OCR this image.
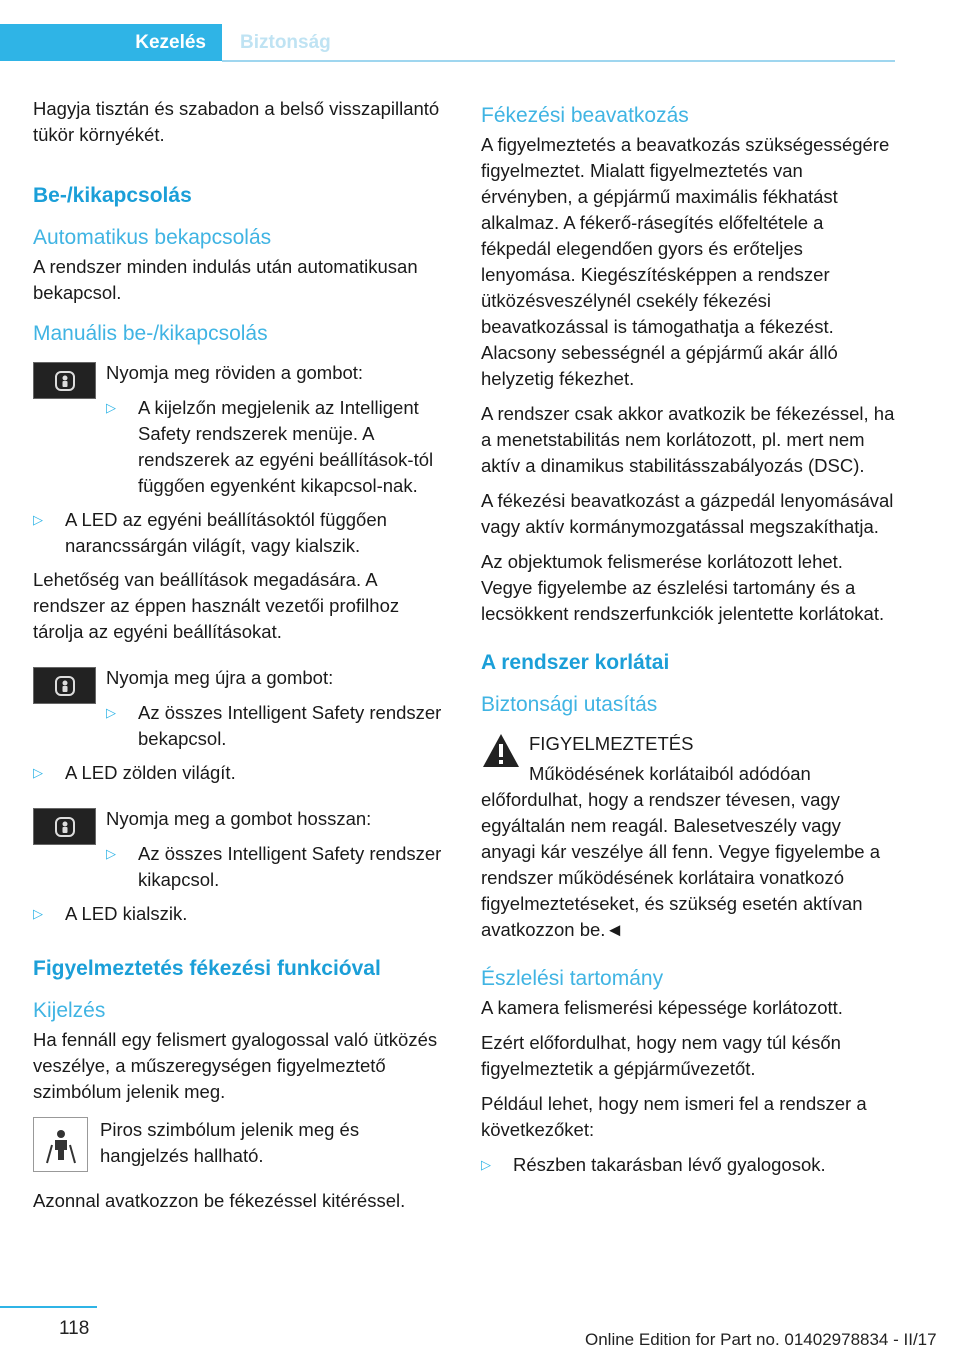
Kezelés	Biztonság

Hagyja tisztán és szabadon a belső visszapillantó tükör környékét.

Be-/kikapcsolás
Automatikus bekapcsolás

A rendszer minden indulás után automatikusan bekapcsol.

Manuális be-/kikapcsolás

Nyomja meg röviden a gombot:

▷	A kijelzőn megjelenik az Intelligent Safety rendszerek menüje. A rendszerek az egyéni beállítások-tól függően egyenként kikapcsol-nak.
▷	A LED az egyéni beállításoktól függően narancssárgán világít, vagy kialszik.

Lehetőség van beállítások megadására. A rendszer az éppen használt vezetői profilhoz tárolja az egyéni beállításokat.

Nyomja meg újra a gombot:

▷	Az összes Intelligent Safety rendszer bekapcsol.
▷	A LED zölden világít.

Nyomja meg a gombot hosszan:

▷	Az összes Intelligent Safety rendszer kikapcsol.
▷	A LED kialszik.
Figyelmeztetés fékezési funkcióval
Kijelzés

Ha fennáll egy felismert gyalogossal való ütközés veszélye, a műszeregységen figyelmeztető szimbólum jelenik meg.

Piros szimbólum jelenik meg és hangjelzés hallható.

Azonnal avatkozzon be fékezéssel kitéréssel.

Fékezési beavatkozás

A figyelmeztetés a beavatkozás szükségességére figyelmeztet. Mialatt figyelmeztetés van érvényben, a gépjármű maximális fékhatást alkalmaz. A fékerő-rásegítés előfeltétele a fékpedál elegendően gyors és erőteljes lenyomása. Kiegészítésképpen a rendszer ütközésveszélynél csekély fékezési beavatkozással is támogathatja a fékezést. Alacsony sebességnél a gépjármű akár álló helyzetig fékezhet.

A rendszer csak akkor avatkozik be fékezéssel, ha a menetstabilitás nem korlátozott, pl. mert nem aktív a dinamikus stabilitásszabályozás (DSC).

A fékezési beavatkozást a gázpedál lenyomásával vagy aktív kormánymozgatással megszakíthatja.

Az objektumok felismerése korlátozott lehet. Vegye figyelembe az észlelési tartomány és a lecsökkent rendszerfunkciók jelentette korlátokat.

A rendszer korlátai
Biztonsági utasítás

FIGYELMEZTETÉS

Működésének korlátaiból adódóan előfordulhat, hogy a rendszer tévesen, vagy egyáltalán nem reagál. Balesetveszély vagy anyagi kár veszélye áll fenn. Vegye figyelembe a rendszer működésének korlátaira vonatkozó figyelmeztetéseket, és szükség esetén aktívan avatkozzon be.◄

Észlelési tartomány

A kamera felismerési képessége korlátozott.

Ezért előfordulhat, hogy nem vagy túl későn figyelmeztetik a gépjárművezetőt.

Például lehet, hogy nem ismeri fel a rendszer a következőket:

▷	Részben takarásban lévő gyalogosok.
118
Online Edition for Part no. 01402978834 - II/17
